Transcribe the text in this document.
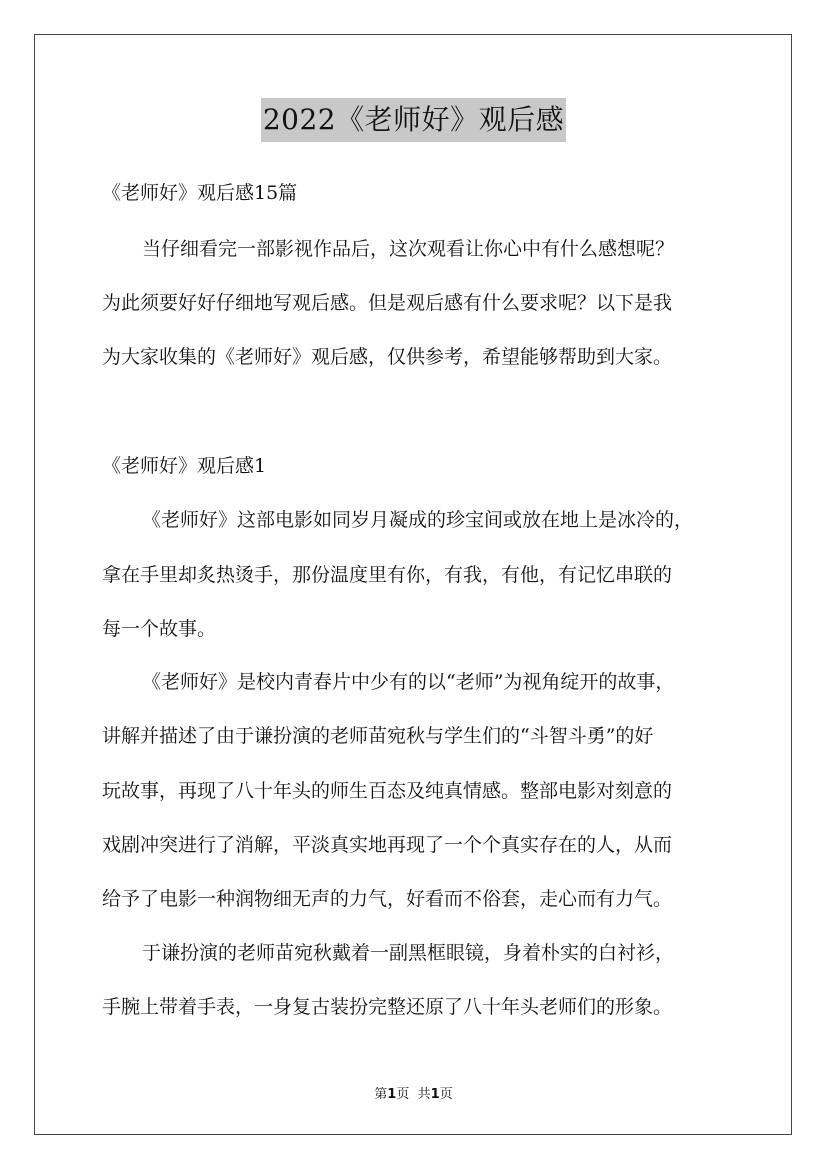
2022《老师好》观后感
《老师好》观后感15篇
当仔细看完一部影视作品后，这次观看让你心中有什么感想呢？
为此须要好好仔细地写观后感。但是观后感有什么要求呢？以下是我
为大家收集的《老师好》观后感，仅供参考，希望能够帮助到大家。
《老师好》观后感1
《老师好》这部电影如同岁月凝成的珍宝间或放在地上是冰冷的，
拿在手里却炙热烫手，那份温度里有你，有我，有他，有记忆串联的
每一个故事。
《老师好》是校内青春片中少有的以“老师”为视角绽开的故事，
讲解并描述了由于谦扮演的老师苗宛秋与学生们的“斗智斗勇”的好
玩故事，再现了八十年头的师生百态及纯真情感。整部电影对刻意的
戏剧冲突进行了消解，平淡真实地再现了一个个真实存在的人，从而
给予了电影一种润物细无声的力气，好看而不俗套，走心而有力气。
于谦扮演的老师苗宛秋戴着一副黑框眼镜，身着朴实的白衬衫，
手腕上带着手表，一身复古装扮完整还原了八十年头老师们的形象。
第1页 共1页
